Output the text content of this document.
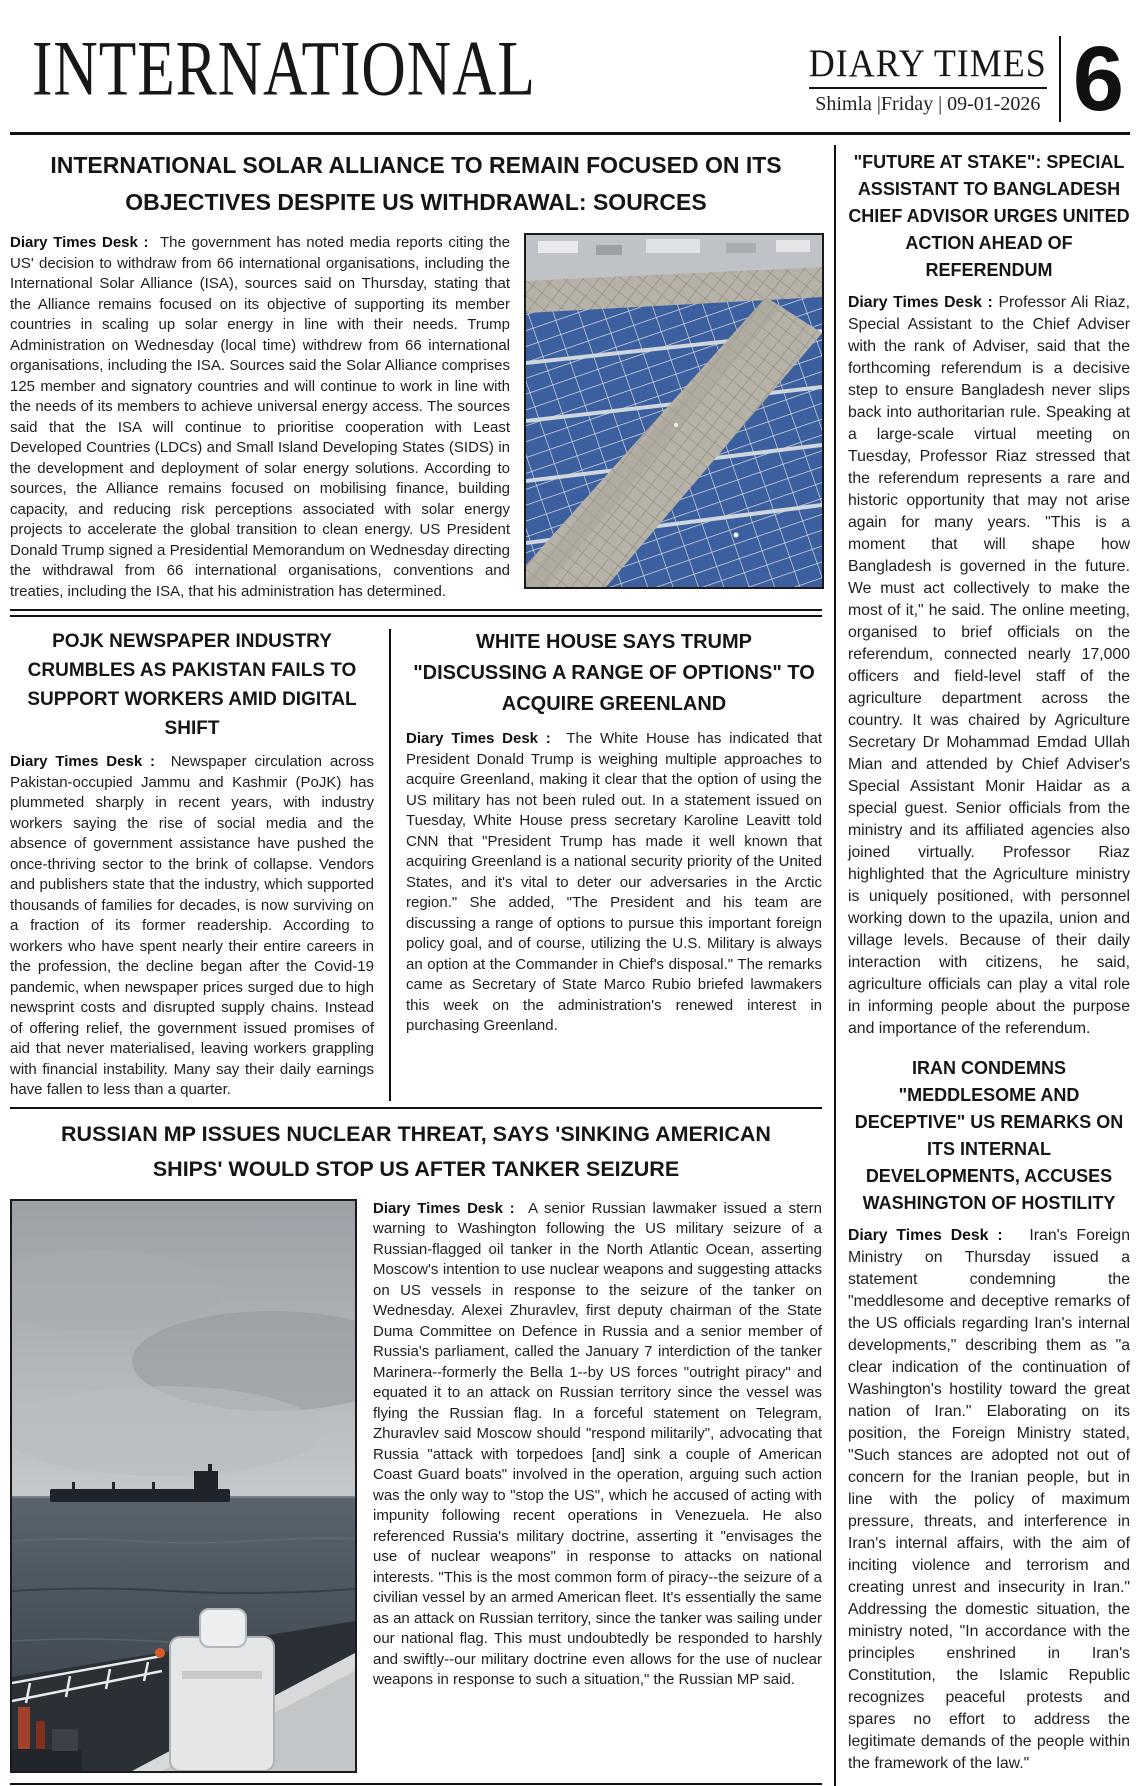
INTERNATIONAL	DIARY TIMES
Shimla |Friday | 09-01-2026 6
INTERNATIONAL SOLAR ALLIANCE TO REMAIN FOCUSED ON ITS OBJECTIVES DESPITE US WITHDRAWAL: SOURCES

Diary Times Desk : The government has noted media reports citing the US' decision to withdraw from 66 international organisations, including the International Solar Alliance (ISA), sources said on Thursday, stating that the Alliance remains focused on its objective of supporting its member countries in scaling up solar energy in line with their needs. Trump Administration on Wednesday (local time) withdrew from 66 international organisations, including the ISA. Sources said the Solar Alliance comprises 125 member and signatory countries and will continue to work in line with the needs of its members to achieve universal energy access. The sources said that the ISA will continue to prioritise cooperation with Least Developed Countries (LDCs) and Small Island Developing States (SIDS) in the development and deployment of solar energy solutions. According to sources, the Alliance remains focused on mobilising finance, building capacity, and reducing risk perceptions associated with solar energy projects to accelerate the global transition to clean energy. US President Donald Trump signed a Presidential Memorandum on Wednesday directing the withdrawal from 66 international organisations, conventions and treaties, including the ISA, that his administration has determined.

POJK NEWSPAPER INDUSTRY CRUMBLES AS PAKISTAN FAILS TO SUPPORT WORKERS AMID DIGITAL SHIFT

Diary Times Desk : Newspaper circulation across Pakistan-occupied Jammu and Kashmir (PoJK) has plummeted sharply in recent years, with industry workers saying the rise of social media and the absence of government assistance have pushed the once-thriving sector to the brink of collapse. Vendors and publishers state that the industry, which supported thousands of families for decades, is now surviving on a fraction of its former readership. According to workers who have spent nearly their entire careers in the profession, the decline began after the Covid-19 pandemic, when newspaper prices surged due to high newsprint costs and disrupted supply chains. Instead of offering relief, the government issued promises of aid that never materialised, leaving workers grappling with financial instability. Many say their daily earnings have fallen to less than a quarter.

WHITE HOUSE SAYS TRUMP "DISCUSSING A RANGE OF OPTIONS" TO ACQUIRE GREENLAND

Diary Times Desk : The White House has indicated that President Donald Trump is weighing multiple approaches to acquire Greenland, making it clear that the option of using the US military has not been ruled out. In a statement issued on Tuesday, White House press secretary Karoline Leavitt told CNN that "President Trump has made it well known that acquiring Greenland is a national security priority of the United States, and it's vital to deter our adversaries in the Arctic region." She added, "The President and his team are discussing a range of options to pursue this important foreign policy goal, and of course, utilizing the U.S. Military is always an option at the Commander in Chief's disposal." The remarks came as Secretary of State Marco Rubio briefed lawmakers this week on the administration's renewed interest in purchasing Greenland.

RUSSIAN MP ISSUES NUCLEAR THREAT, SAYS 'SINKING AMERICAN SHIPS' WOULD STOP US AFTER TANKER SEIZURE

Diary Times Desk : A senior Russian lawmaker issued a stern warning to Washington following the US military seizure of a Russian-flagged oil tanker in the North Atlantic Ocean, asserting Moscow's intention to use nuclear weapons and suggesting attacks on US vessels in response to the seizure of the tanker on Wednesday. Alexei Zhuravlev, first deputy chairman of the State Duma Committee on Defence in Russia and a senior member of Russia's parliament, called the January 7 interdiction of the tanker Marinera--formerly the Bella 1--by US forces "outright piracy" and equated it to an attack on Russian territory since the vessel was flying the Russian flag. In a forceful statement on Telegram, Zhuravlev said Moscow should "respond militarily", advocating that Russia "attack with torpedoes [and] sink a couple of American Coast Guard boats" involved in the operation, arguing such action was the only way to "stop the US", which he accused of acting with impunity following recent operations in Venezuela. He also referenced Russia's military doctrine, asserting it "envisages the use of nuclear weapons" in response to attacks on national interests. "This is the most common form of piracy--the seizure of a civilian vessel by an armed American fleet. It's essentially the same as an attack on Russian territory, since the tanker was sailing under our national flag. This must undoubtedly be responded to harshly and swiftly--our military doctrine even allows for the use of nuclear weapons in response to such a situation," the Russian MP said.

"FUTURE AT STAKE": SPECIAL ASSISTANT TO BANGLADESH CHIEF ADVISOR URGES UNITED ACTION AHEAD OF REFERENDUM

Diary Times Desk : Professor Ali Riaz, Special Assistant to the Chief Adviser with the rank of Adviser, said that the forthcoming referendum is a decisive step to ensure Bangladesh never slips back into authoritarian rule. Speaking at a large-scale virtual meeting on Tuesday, Professor Riaz stressed that the referendum represents a rare and historic opportunity that may not arise again for many years. "This is a moment that will shape how Bangladesh is governed in the future. We must act collectively to make the most of it," he said. The online meeting, organised to brief officials on the referendum, connected nearly 17,000 officers and field-level staff of the agriculture department across the country. It was chaired by Agriculture Secretary Dr Mohammad Emdad Ullah Mian and attended by Chief Adviser's Special Assistant Monir Haidar as a special guest. Senior officials from the ministry and its affiliated agencies also joined virtually. Professor Riaz highlighted that the Agriculture ministry is uniquely positioned, with personnel working down to the upazila, union and village levels. Because of their daily interaction with citizens, he said, agriculture officials can play a vital role in informing people about the purpose and importance of the referendum.

IRAN CONDEMNS "MEDDLESOME AND DECEPTIVE" US REMARKS ON ITS INTERNAL DEVELOPMENTS, ACCUSES WASHINGTON OF HOSTILITY

Diary Times Desk : Iran's Foreign Ministry on Thursday issued a statement condemning the "meddlesome and deceptive remarks of the US officials regarding Iran's internal developments," describing them as "a clear indication of the continuation of Washington's hostility toward the great nation of Iran." Elaborating on its position, the Foreign Ministry stated, "Such stances are adopted not out of concern for the Iranian people, but in line with the policy of maximum pressure, threats, and interference in Iran's internal affairs, with the aim of inciting violence and terrorism and creating unrest and insecurity in Iran." Addressing the domestic situation, the ministry noted, "In accordance with the principles enshrined in Iran's Constitution, the Islamic Republic recognizes peaceful protests and spares no effort to address the legitimate demands of the people within the framework of the law."
